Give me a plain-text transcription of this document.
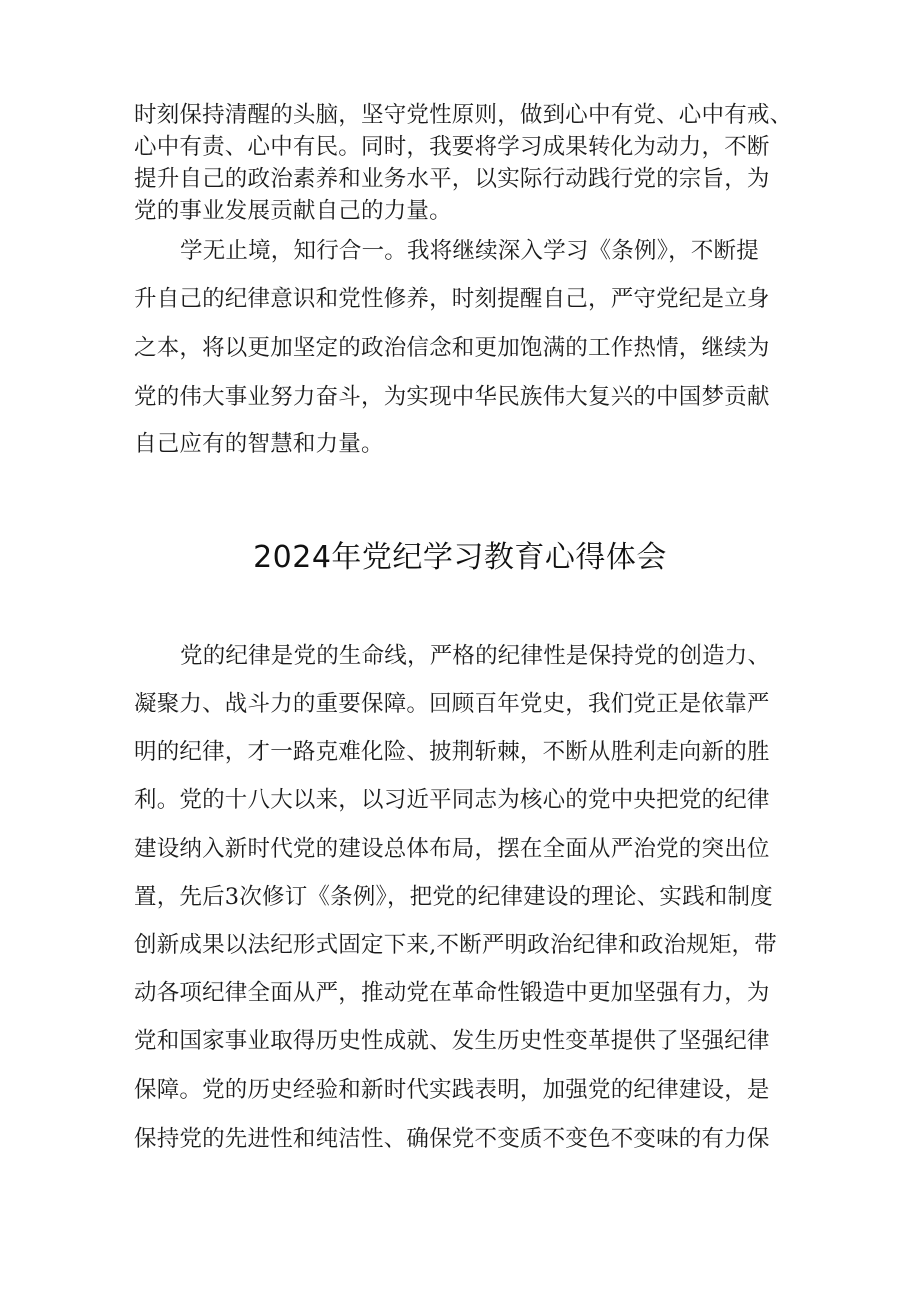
时刻保持清醒的头脑，坚守党性原则，做到心中有党、心中有戒、
心中有责、心中有民。同时，我要将学习成果转化为动力，不断
提升自己的政治素养和业务水平，以实际行动践行党的宗旨，为
党的事业发展贡献自己的力量。
学无止境，知行合一。我将继续深入学习《条例》，不断提
升自己的纪律意识和党性修养，时刻提醒自己，严守党纪是立身
之本，将以更加坚定的政治信念和更加饱满的工作热情，继续为
党的伟大事业努力奋斗，为实现中华民族伟大复兴的中国梦贡献
自己应有的智慧和力量。
2024年党纪学习教育心得体会
党的纪律是党的生命线，严格的纪律性是保持党的创造力、
凝聚力、战斗力的重要保障。回顾百年党史，我们党正是依靠严
明的纪律，才一路克难化险、披荆斩棘，不断从胜利走向新的胜
利。党的十八大以来，以习近平同志为核心的党中央把党的纪律
建设纳入新时代党的建设总体布局，摆在全面从严治党的突出位
置，先后3次修订《条例》，把党的纪律建设的理论、实践和制度
创新成果以法纪形式固定下来,不断严明政治纪律和政治规矩，带
动各项纪律全面从严，推动党在革命性锻造中更加坚强有力，为
党和国家事业取得历史性成就、发生历史性变革提供了坚强纪律
保障。党的历史经验和新时代实践表明，加强党的纪律建设，是
保持党的先进性和纯洁性、确保党不变质不变色不变味的有力保
